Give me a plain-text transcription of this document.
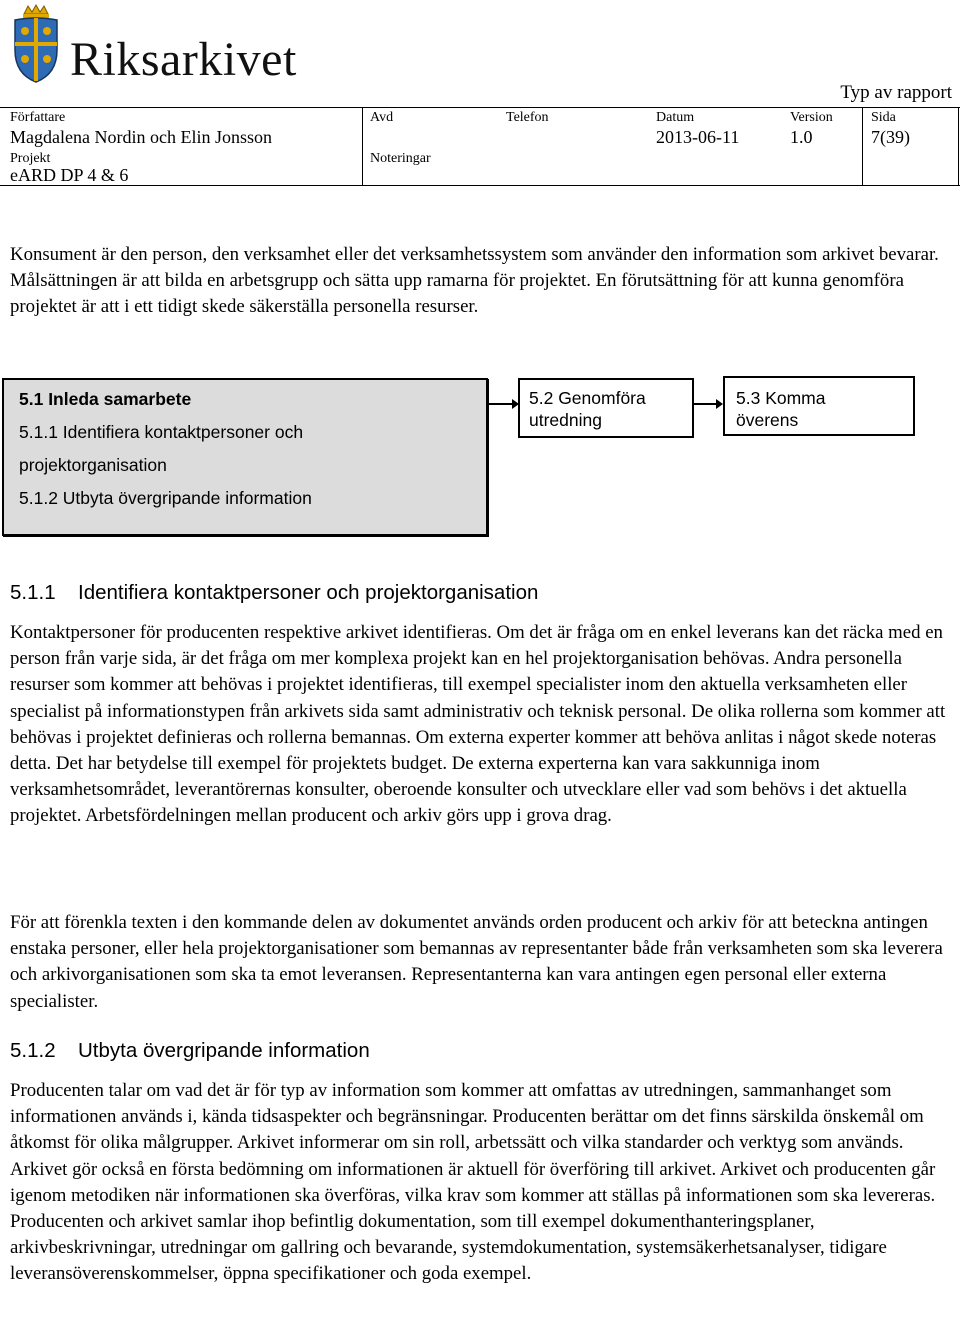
Riksarkivet
Typ av rapport
Författare
Magdalena Nordin och Elin Jonsson
Avd	Telefon	Datum
2013-06-11
Version
1.0
Sida
7(39)
Projekt
eARD DP 4 & 6
Noteringar

Konsument är den person, den verksamhet eller det verksamhetssystem som använder den information som arkivet bevarar. Målsättningen är att bilda en arbetsgrupp och sätta upp ramarna för projektet. En förutsättning för att kunna genomföra projektet är att i ett tidigt skede säkerställa personella resurser.

5.1 Inleda samarbete
5.1.1 Identifiera kontaktpersoner och
projektorganisation
5.1.2 Utbyta övergripande information
5.2 Genomföra
utredning
5.3 Komma
överens
5.1.1 Identifiera kontaktpersoner och projektorganisation

Kontaktpersoner för producenten respektive arkivet identifieras. Om det är fråga om en enkel leverans kan det räcka med en person från varje sida, är det fråga om mer komplexa projekt kan en hel projektorganisation behövas. Andra personella resurser som kommer att behövas i projektet identifieras, till exempel specialister inom den aktuella verksamheten eller specialist på informationstypen från arkivets sida samt administrativ och teknisk personal. De olika rollerna som kommer att behövas i projektet definieras och rollerna bemannas. Om externa experter kommer att behöva anlitas i något skede noteras detta. Det har betydelse till exempel för projektets budget. De externa experterna kan vara sakkunniga inom verksamhetsområdet, leverantörernas konsulter, oberoende konsulter och utvecklare eller vad som behövs i det aktuella projektet. Arbetsfördelningen mellan producent och arkiv görs upp i grova drag.

För att förenkla texten i den kommande delen av dokumentet används orden producent och arkiv för att beteckna antingen enstaka personer, eller hela projektorganisationer som bemannas av representanter både från verksamheten som ska leverera och arkivorganisationen som ska ta emot leveransen. Representanterna kan vara antingen egen personal eller externa specialister.

5.1.2 Utbyta övergripande information

Producenten talar om vad det är för typ av information som kommer att omfattas av utredningen, sammanhanget som informationen används i, kända tidsaspekter och begränsningar. Producenten berättar om det finns särskilda önskemål om åtkomst för olika målgrupper. Arkivet informerar om sin roll, arbetssätt och vilka standarder och verktyg som används. Arkivet gör också en första bedömning om informationen är aktuell för överföring till arkivet. Arkivet och producenten går igenom metodiken när informationen ska överföras, vilka krav som kommer att ställas på informationen som ska levereras. Producenten och arkivet samlar ihop befintlig dokumentation, som till exempel dokumenthanteringsplaner, arkivbeskrivningar, utredningar om gallring och bevarande, systemdokumentation, systemsäkerhetsanalyser, tidigare leveransöverenskommelser, öppna specifikationer och goda exempel.
